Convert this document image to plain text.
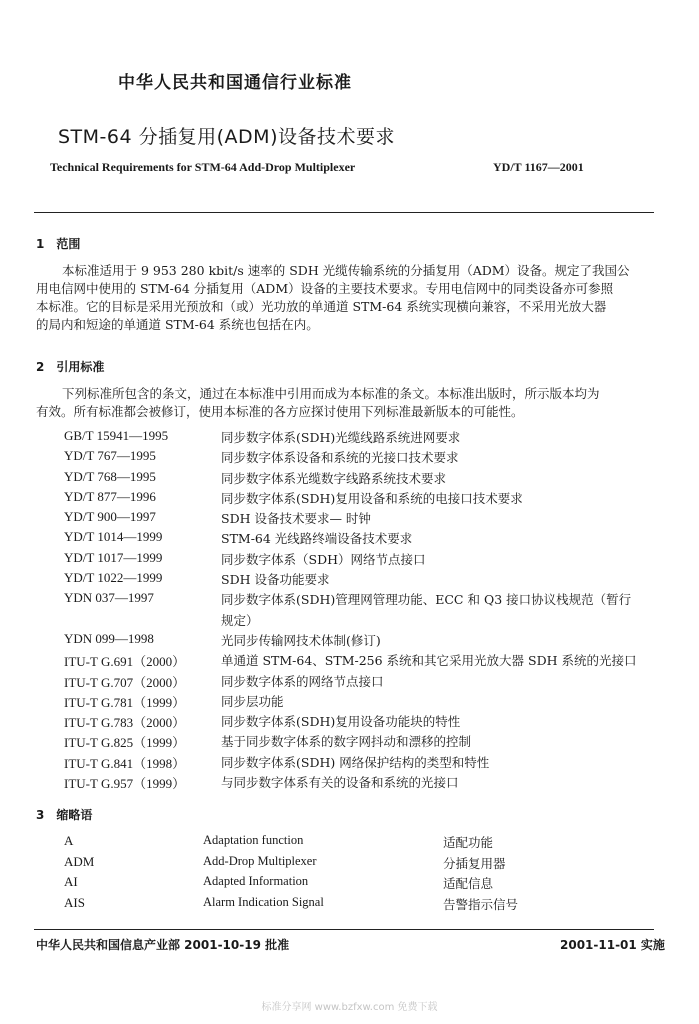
中华人民共和国通信行业标准
STM-64 分插复用(ADM)设备技术要求
Technical Requirements for STM-64 Add-Drop Multiplexer	YD/T 1167—2001
1　范围
本标准适用于 9 953 280 kbit/s 速率的 SDH 光缆传输系统的分插复用（ADM）设备。规定了我国公
用电信网中使用的 STM-64 分插复用（ADM）设备的主要技术要求。专用电信网中的同类设备亦可参照
本标准。它的目标是采用光预放和（或）光功放的单通道 STM-64 系统实现横向兼容，不采用光放大器
的局内和短途的单通道 STM-64 系统也包括在内。
2　引用标准
下列标准所包含的条文，通过在本标准中引用而成为本标准的条文。本标准出版时，所示版本均为
有效。所有标准都会被修订，使用本标准的各方应探讨使用下列标准最新版本的可能性。
GB/T 15941—1995	同步数字体系(SDH)光缆线路系统进网要求
YD/T 767—1995	同步数字体系设备和系统的光接口技术要求
YD/T 768—1995	同步数字体系光缆数字线路系统技术要求
YD/T 877—1996	同步数字体系(SDH)复用设备和系统的电接口技术要求
YD/T 900—1997	SDH 设备技术要求— 时钟
YD/T 1014—1999	STM-64 光线路终端设备技术要求
YD/T 1017—1999	同步数字体系（SDH）网络节点接口
YD/T 1022—1999	SDH 设备功能要求
YDN 037—1997	同步数字体系(SDH)管理网管理功能、ECC 和 Q3 接口协议栈规范（暂行
规定）
YDN 099—1998	光同步传输网技术体制(修订)
ITU-T G.691（2000）	单通道 STM-64、STM-256 系统和其它采用光放大器 SDH 系统的光接口
ITU-T G.707（2000）	同步数字体系的网络节点接口
ITU-T G.781（1999）	同步层功能
ITU-T G.783（2000）	同步数字体系(SDH)复用设备功能块的特性
ITU-T G.825（1999）	基于同步数字体系的数字网抖动和漂移的控制
ITU-T G.841（1998）	同步数字体系(SDH) 网络保护结构的类型和特性
ITU-T G.957（1999）	与同步数字体系有关的设备和系统的光接口
3　缩略语
A	Adaptation function	适配功能
ADM	Add-Drop Multiplexer	分插复用器
AI	Adapted Information	适配信息
AIS	Alarm Indication Signal	告警指示信号
中华人民共和国信息产业部 2001-10-19 批准	2001-11-01 实施
标准分享网 www.bzfxw.com 免费下载
